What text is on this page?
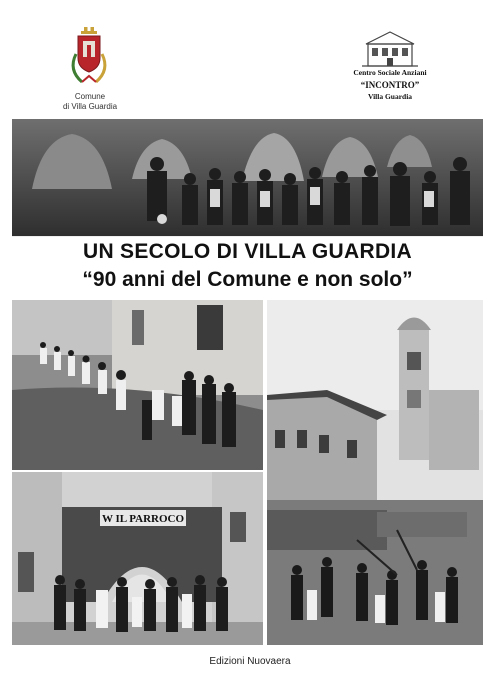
Comune
di Villa Guardia
Centro Sociale Anziani
“INCONTRO”
Villa Guardia
UN SECOLO DI VILLA GUARDIA
“90 anni del Comune e non solo”
W IL PARROCO
Edizioni Nuovaera
